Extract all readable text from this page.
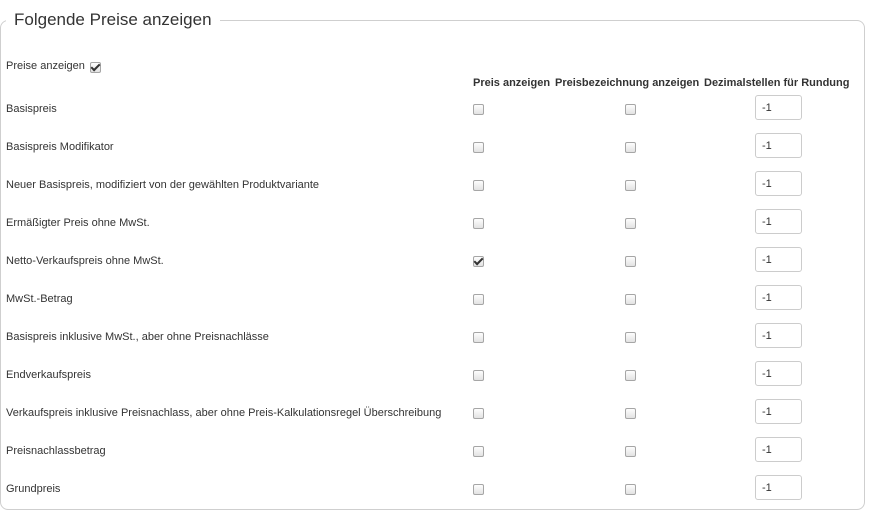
Folgende Preise anzeigen
Preise anzeigen
Preis anzeigen Preisbezeichnung anzeigen Dezimalstellen für Rundung
Basispreis
-1
Basispreis Modifikator
-1
Neuer Basispreis, modifiziert von der gewählten Produktvariante
-1
Ermäßigter Preis ohne MwSt.
-1
Netto-Verkaufspreis ohne MwSt.
-1
MwSt.-Betrag
-1
Basispreis inklusive MwSt., aber ohne Preisnachlässe
-1
Endverkaufspreis
-1
Verkaufspreis inklusive Preisnachlass, aber ohne Preis-Kalkulationsregel Überschreibung
-1
Preisnachlassbetrag
-1
Grundpreis
-1
